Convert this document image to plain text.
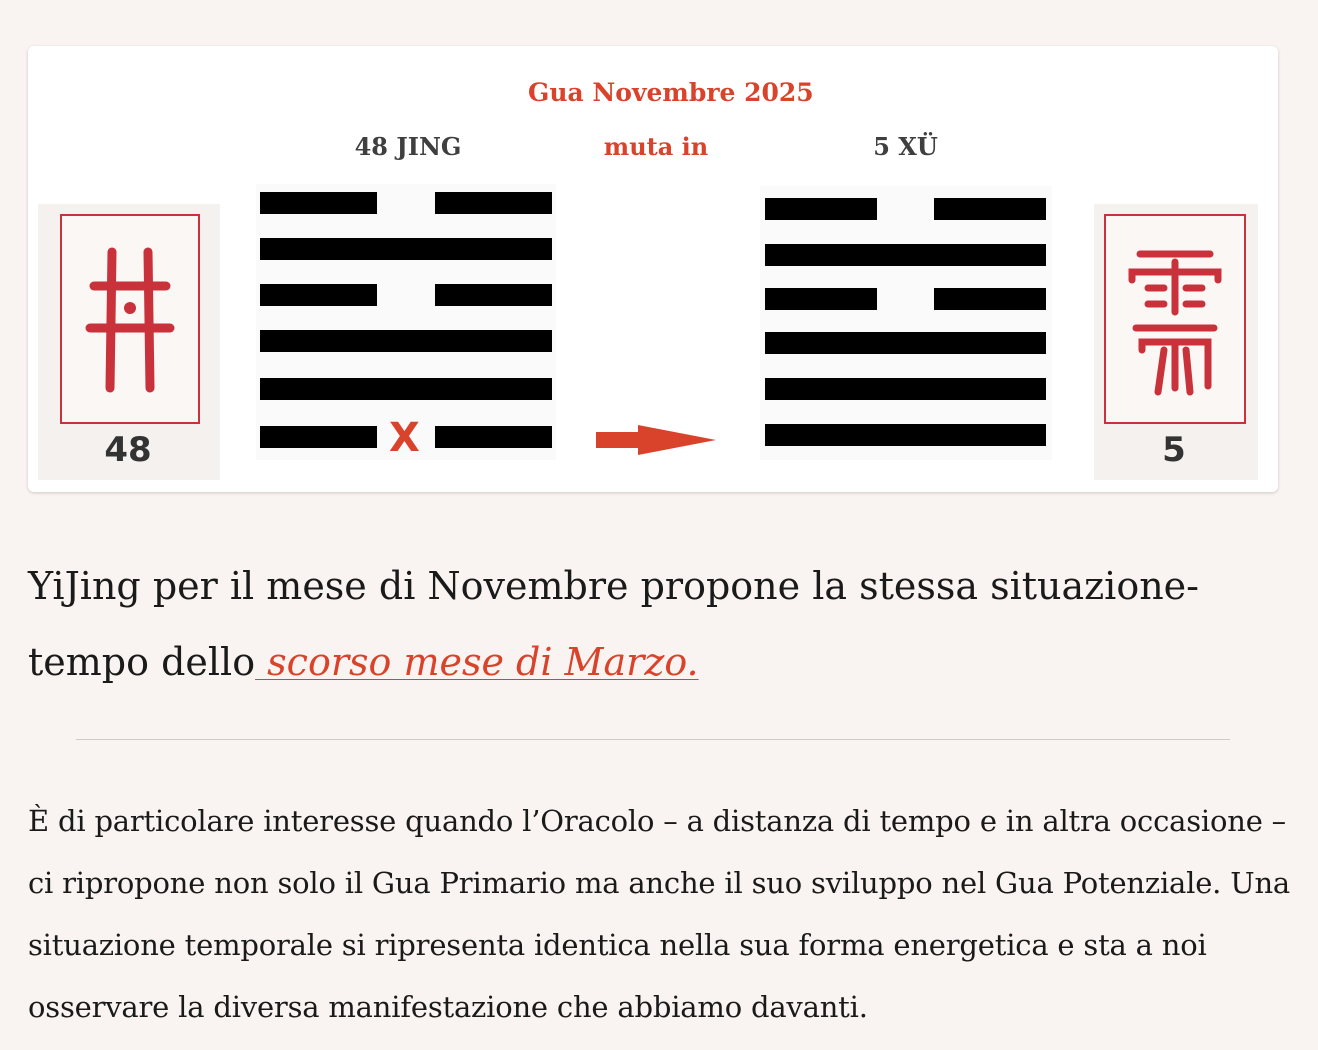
Gua Novembre 2025
48 JING	muta in	5 XÜ
48	X	5
YiJing per il mese di Novembre propone la stessa situazione-tempo dello scorso mese di Marzo.

È di particolare interesse quando l’Oracolo – a distanza di tempo e in altra occasione – ci ripropone non solo il Gua Primario ma anche il suo sviluppo nel Gua Potenziale. Una situazione temporale si ripresenta identica nella sua forma energetica e sta a noi osservare la diversa manifestazione che abbiamo davanti.
